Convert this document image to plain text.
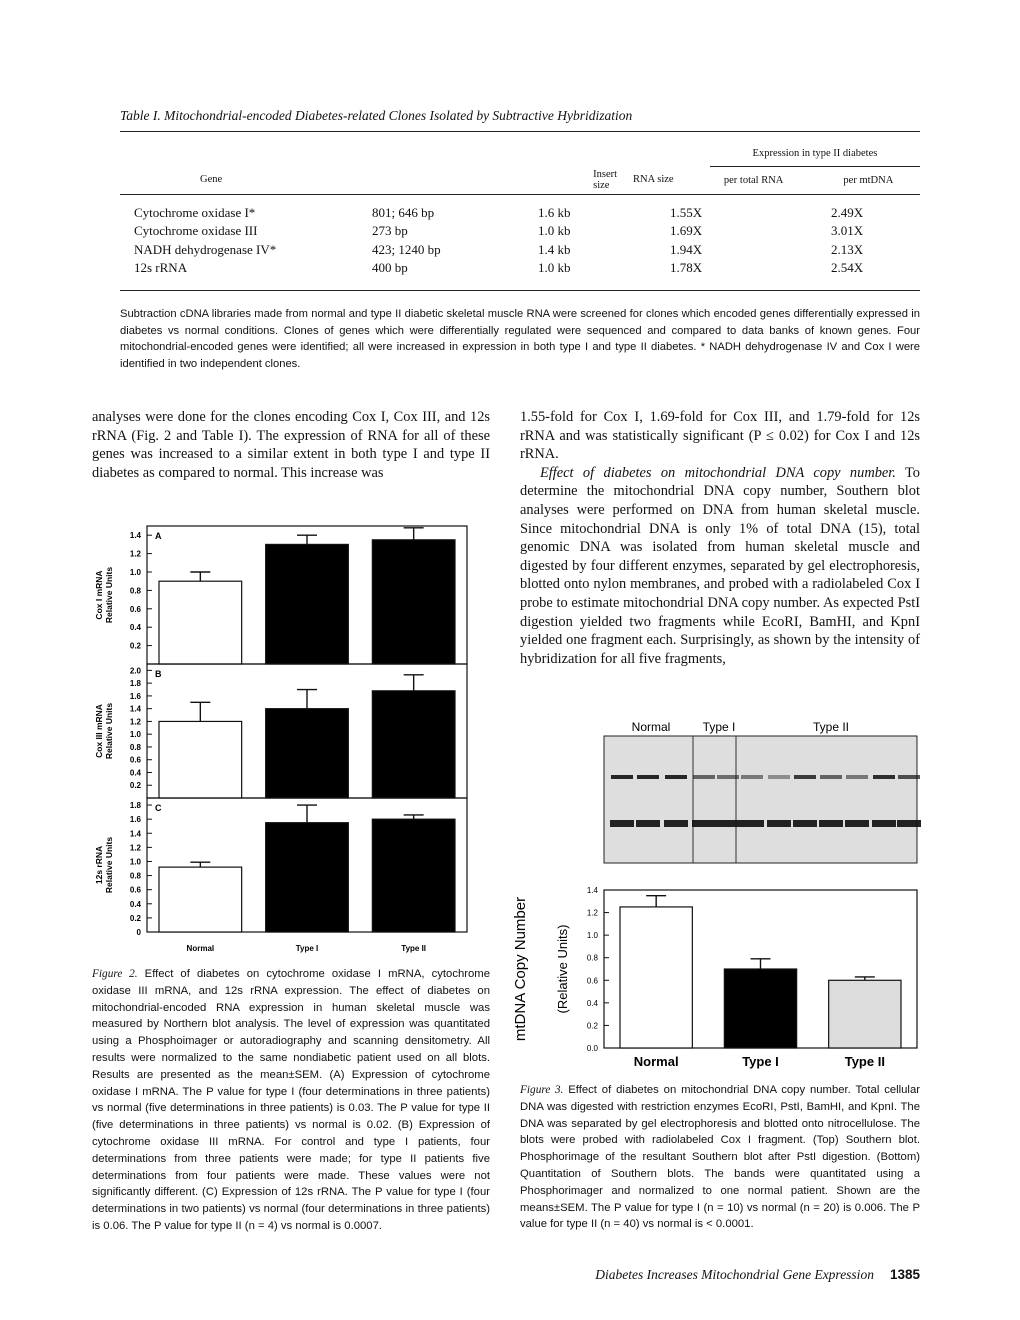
Table I. Mitochondrial-encoded Diabetes-related Clones Isolated by Subtractive Hybridization
			Expression in type II diabetes	
Gene	Insert size	RNA size	per total RNA	per mtDNA
Cytochrome oxidase I*	801; 646 bp	1.6 kb	1.55X	2.49X
Cytochrome oxidase III	273 bp	1.0 kb	1.69X	3.01X
NADH dehydrogenase IV*	423; 1240 bp	1.4 kb	1.94X	2.13X
12s rRNA	400 bp	1.0 kb	1.78X	2.54X
Subtraction cDNA libraries made from normal and type II diabetic skeletal muscle RNA were screened for clones which encoded genes differentially expressed in diabetes vs normal conditions. Clones of genes which were differentially regulated were sequenced and compared to data banks of known genes. Four mitochondrial-encoded genes were identified; all were increased in expression in both type I and type II diabetes. * NADH dehydrogenase IV and Cox I were identified in two independent clones.

analyses were done for the clones encoding Cox I, Cox III, and 12s rRNA (Fig. 2 and Table I). The expression of RNA for all of these genes was increased to a similar extent in both type I and type II diabetes as compared to normal. This increase was

1.55-fold for Cox I, 1.69-fold for Cox III, and 1.79-fold for 12s rRNA and was statistically significant (P ≤ 0.02) for Cox I and 12s rRNA.

Effect of diabetes on mitochondrial DNA copy number. To determine the mitochondrial DNA copy number, Southern blot analyses were performed on DNA from human skeletal muscle. Since mitochondrial DNA is only 1% of total DNA (15), total genomic DNA was isolated from human skeletal muscle and digested by four different enzymes, separated by gel electrophoresis, blotted onto nylon membranes, and probed with a radiolabeled Cox I probe to estimate mitochondrial DNA copy number. As expected PstI digestion yielded two fragments while EcoRI, BamHI, and KpnI yielded one fragment each. Surprisingly, as shown by the intensity of hybridization for all five fragments,

0.2
0.4
0.6
0.8
1.0
1.2
1.4 A
Cox I mRNA Relative Units
0.2
0.4
0.6
0.8
1.0
1.2
1.4
1.6
1.8
2.0 B
Cox III mRNA Relative Units
0
0.2
0.4
0.6
0.8
1.0
1.2
1.4
1.6
1.8
Normal	Type I	Type II
C
12s rRNA Relative Units
Figure 2. Effect of diabetes on cytochrome oxidase I mRNA, cytochrome oxidase III mRNA, and 12s rRNA expression. The effect of diabetes on mitochondrial-encoded RNA expression in human skeletal muscle was measured by Northern blot analysis. The level of expression was quantitated using a Phosphoimager or autoradiography and scanning densitometry. All results were normalized to the same nondiabetic patient used on all blots. Results are presented as the mean±SEM. (A) Expression of cytochrome oxidase I mRNA. The P value for type I (four determinations in three patients) vs normal (five determinations in three patients) is 0.03. The P value for type II (five determinations in three patients) vs normal is 0.02. (B) Expression of cytochrome oxidase III mRNA. For control and type I patients, four determinations from three patients were made; for type II patients five determinations from four patients were made. These values were not significantly different. (C) Expression of 12s rRNA. The P value for type I (four determinations in two patients) vs normal (four determinations in three patients) is 0.06. The P value for type II (n = 4) vs normal is 0.0007.
Normal	Type I	Type II
0.0
0.2
0.4
0.6
0.8
1.0
1.2
1.4
Normal	Type I	Type II
mtDNA Copy Number (Relative Units)
Figure 3. Effect of diabetes on mitochondrial DNA copy number. Total cellular DNA was digested with restriction enzymes EcoRI, PstI, BamHI, and KpnI. The DNA was separated by gel electrophoresis and blotted onto nitrocellulose. The blots were probed with radiolabeled Cox I fragment. (Top) Southern blot. Phosphorimage of the resultant Southern blot after PstI digestion. (Bottom) Quantitation of Southern blots. The bands were quantitated using a Phosphorimager and normalized to one normal patient. Shown are the means±SEM. The P value for type I (n = 10) vs normal (n = 20) is 0.006. The P value for type II (n = 40) vs normal is < 0.0001.
Diabetes Increases Mitochondrial Gene Expression 1385
